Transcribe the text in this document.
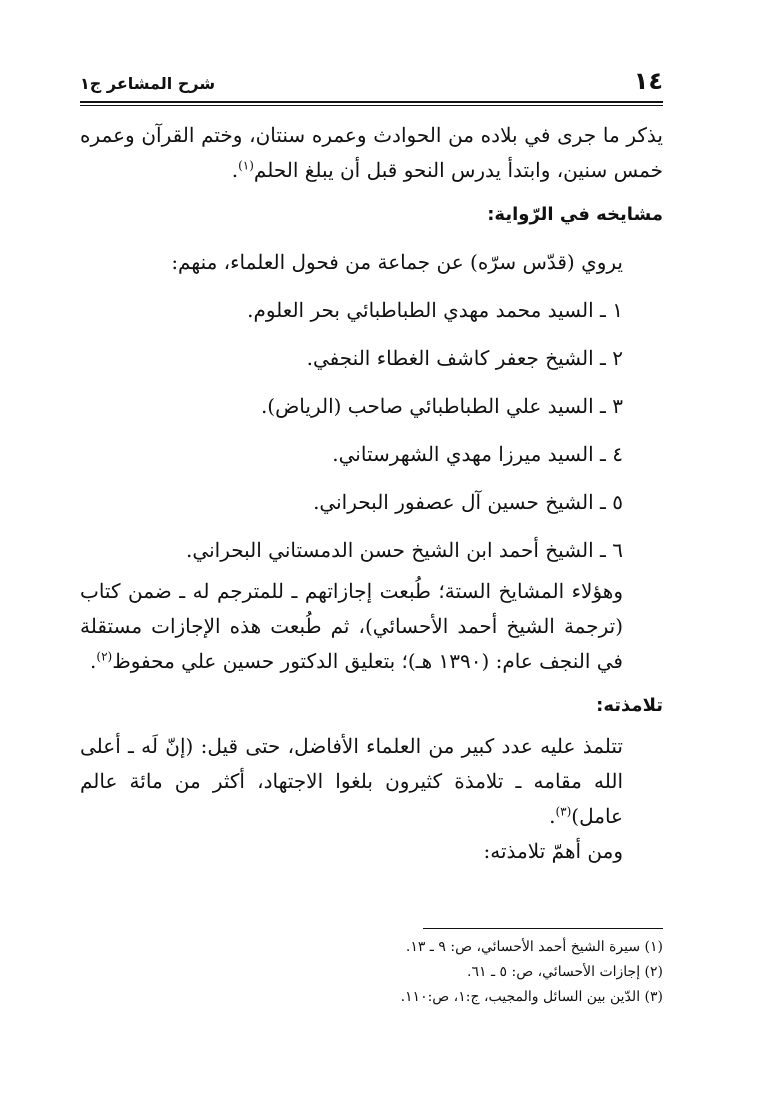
١٤
شرح المشاعر ج١

يذكر ما جرى في بلاده من الحوادث وعمره سنتان، وختم القرآن وعمره خمس سنين، وابتدأ يدرس النحو قبل أن يبلغ الحلم$^{(١)}$.

مشايخه في الرّواية:

يروي (قدّس سرّه) عن جماعة من فحول العلماء، منهم:

١ ـ السيد محمد مهدي الطباطبائي بحر العلوم.

٢ ـ الشيخ جعفر كاشف الغطاء النجفي.

٣ ـ السيد علي الطباطبائي صاحب (الرياض).

٤ ـ السيد ميرزا مهدي الشهرستاني.

٥ ـ الشيخ حسين آل عصفور البحراني.

٦ ـ الشيخ أحمد ابن الشيخ حسن الدمستاني البحراني.

وهؤلاء المشايخ الستة؛ طُبعت إجازاتهم ـ للمترجم له ـ ضمن كتاب (ترجمة الشيخ أحمد الأحسائي)، ثم طُبعت هذه الإجازات مستقلة في النجف عام: (١٣٩٠ هـ)؛ بتعليق الدكتور حسين علي محفوظ$^{(٢)}$.

تلامذته:

تتلمذ عليه عدد كبير من العلماء الأفاضل، حتى قيل: (إنّ لَه ـ أعلى الله مقامه ـ تلامذة كثيرون بلغوا الاجتهاد، أكثر من مائة عالم عامل)$^{(٣)}$.

ومن أهمّ تلامذته:

(١) سيرة الشيخ أحمد الأحسائي، ص: ٩ ـ ١٣.

(٢) إجازات الأحسائي، ص: ٥ ـ ٦١.

(٣) الدّين بين السائل والمجيب، ج:١، ص:١١٠.
